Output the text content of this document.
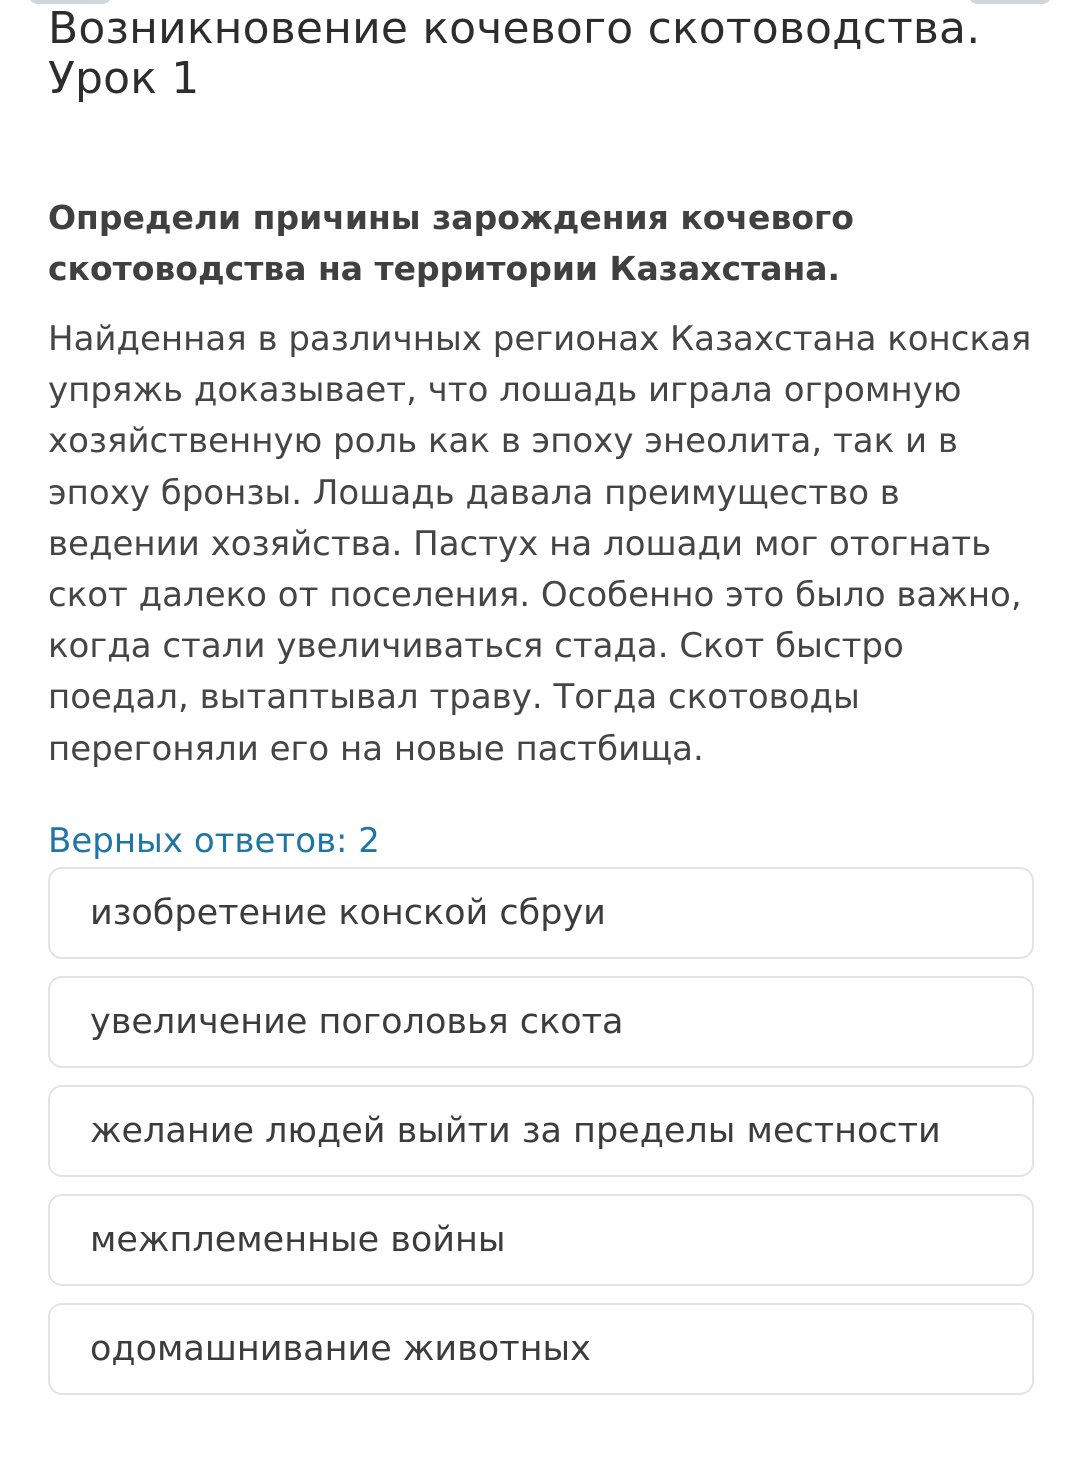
Возникновение кочевого скотоводства. Урок 1
Определи причины зарождения кочевого скотоводства на территории Казахстана.

Найденная в различных регионах Казахстана конская упряжь доказывает, что лошадь играла огромную хозяйственную роль как в эпоху энеолита, так и в эпоху бронзы. Лошадь давала преимущество в ведении хозяйства. Пастух на лошади мог отогнать скот далеко от поселения. Особенно это было важно, когда стали увеличиваться стада. Скот быстро поедал, вытаптывал траву. Тогда скотоводы перегоняли его на новые пастбища.

Верных ответов: 2
изобретение конской сбруи
увеличение поголовья скота
желание людей выйти за пределы местности
межплеменные войны
одомашнивание животных
